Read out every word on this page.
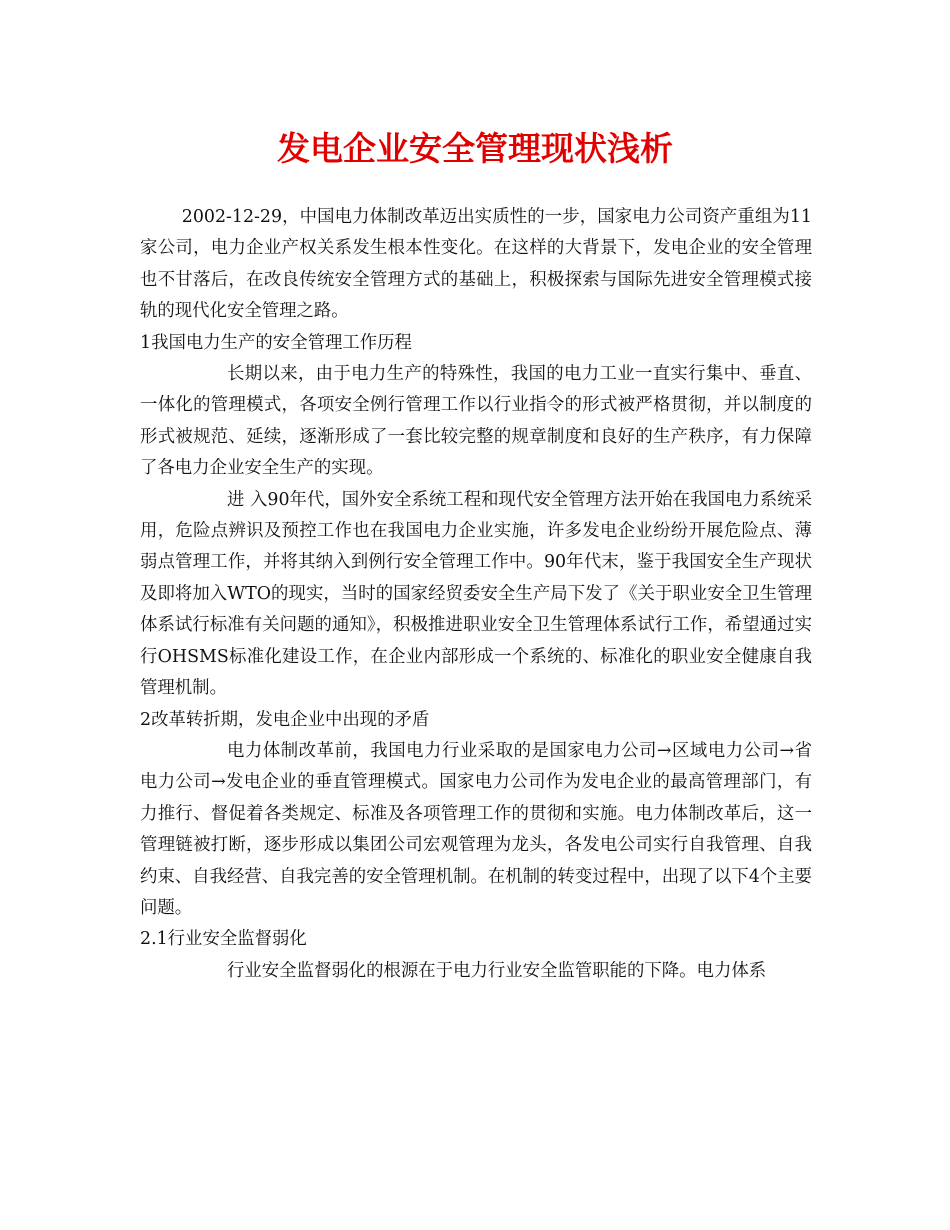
发电企业安全管理现状浅析

2002-12-29，中国电力体制改革迈出实质性的一步，国家电力公司资产重组为11家公司，电力企业产权关系发生根本性变化。在这样的大背景下，发电企业的安全管理也不甘落后，在改良传统安全管理方式的基础上，积极探索与国际先进安全管理模式接轨的现代化安全管理之路。

1我国电力生产的安全管理工作历程

长期以来，由于电力生产的特殊性，我国的电力工业一直实行集中、垂直、一体化的管理模式，各项安全例行管理工作以行业指令的形式被严格贯彻，并以制度的形式被规范、延续，逐渐形成了一套比较完整的规章制度和良好的生产秩序，有力保障了各电力企业安全生产的实现。

进 入90年代，国外安全系统工程和现代安全管理方法开始在我国电力系统采用，危险点辨识及预控工作也在我国电力企业实施，许多发电企业纷纷开展危险点、薄弱点管理工作，并将其纳入到例行安全管理工作中。90年代末，鉴于我国安全生产现状及即将加入WTO的现实，当时的国家经贸委安全生产局下发了《关于职业安全卫生管理体系试行标准有关问题的通知》，积极推进职业安全卫生管理体系试行工作，希望通过实行OHSMS标准化建设工作，在企业内部形成一个系统的、标准化的职业安全健康自我管理机制。

2改革转折期，发电企业中出现的矛盾

电力体制改革前，我国电力行业采取的是国家电力公司→区域电力公司→省电力公司→发电企业的垂直管理模式。国家电力公司作为发电企业的最高管理部门，有力推行、督促着各类规定、标准及各项管理工作的贯彻和实施。电力体制改革后，这一管理链被打断，逐步形成以集团公司宏观管理为龙头，各发电公司实行自我管理、自我约束、自我经营、自我完善的安全管理机制。在机制的转变过程中，出现了以下4个主要问题。

2.1行业安全监督弱化

行业安全监督弱化的根源在于电力行业安全监管职能的下降。电力体系
